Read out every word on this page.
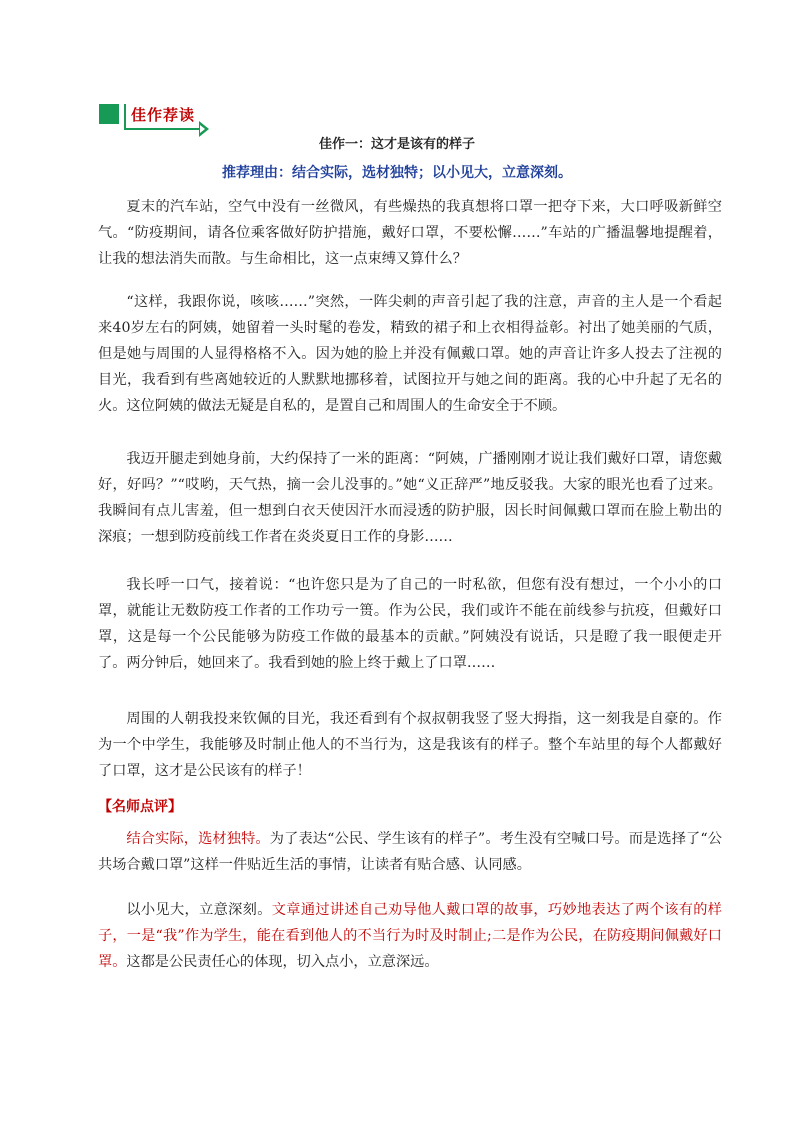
佳作荐读
佳作一：这才是该有的样子
推荐理由：结合实际，选材独特；以小见大，立意深刻。

夏末的汽车站，空气中没有一丝微风，有些燥热的我真想将口罩一把夺下来，大口呼吸新鲜空气。“防疫期间，请各位乘客做好防护措施，戴好口罩，不要松懈……”车站的广播温馨地提醒着，让我的想法消失而散。与生命相比，这一点束缚又算什么？

“这样，我跟你说，咳咳……”突然，一阵尖刺的声音引起了我的注意，声音的主人是一个看起来40岁左右的阿姨，她留着一头时髦的卷发，精致的裙子和上衣相得益彰。衬出了她美丽的气质，但是她与周围的人显得格格不入。因为她的脸上并没有佩戴口罩。她的声音让许多人投去了注视的目光，我看到有些离她较近的人默默地挪移着，试图拉开与她之间的距离。我的心中升起了无名的火。这位阿姨的做法无疑是自私的，是置自己和周围人的生命安全于不顾。

我迈开腿走到她身前，大约保持了一米的距离：“阿姨，广播刚刚才说让我们戴好口罩，请您戴好，好吗？”“哎哟，天气热，摘一会儿没事的。”她“义正辞严”地反驳我。大家的眼光也看了过来。我瞬间有点儿害羞，但一想到白衣天使因汗水而浸透的防护服，因长时间佩戴口罩而在脸上勒出的深痕；一想到防疫前线工作者在炎炎夏日工作的身影……

我长呼一口气，接着说：“也许您只是为了自己的一时私欲，但您有没有想过，一个小小的口罩，就能让无数防疫工作者的工作功亏一篑。作为公民，我们或许不能在前线参与抗疫，但戴好口罩，这是每一个公民能够为防疫工作做的最基本的贡献。”阿姨没有说话，只是瞪了我一眼便走开了。两分钟后，她回来了。我看到她的脸上终于戴上了口罩……

周围的人朝我投来钦佩的目光，我还看到有个叔叔朝我竖了竖大拇指，这一刻我是自豪的。作为一个中学生，我能够及时制止他人的不当行为，这是我该有的样子。整个车站里的每个人都戴好了口罩，这才是公民该有的样子！

【名师点评】

结合实际，选材独特。为了表达“公民、学生该有的样子”。考生没有空喊口号。而是选择了“公共场合戴口罩”这样一件贴近生活的事情，让读者有贴合感、认同感。

以小见大，立意深刻。文章通过讲述自己劝导他人戴口罩的故事，巧妙地表达了两个该有的样子，一是“我”作为学生，能在看到他人的不当行为时及时制止;二是作为公民，在防疫期间佩戴好口罩。这都是公民责任心的体现，切入点小，立意深远。
